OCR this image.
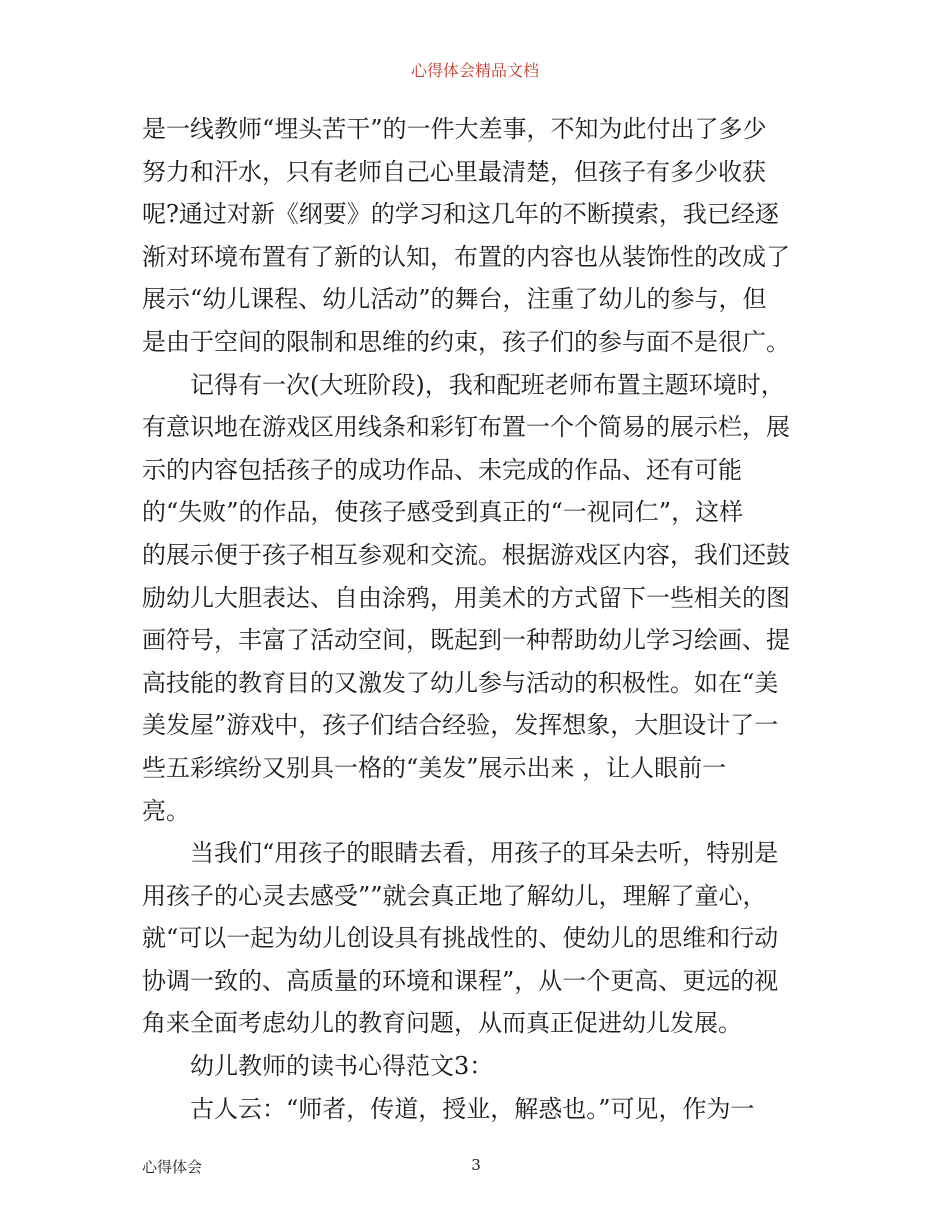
心得体会精品文档
是一线教师“埋头苦干”的一件大差事，不知为此付出了多少
努力和汗水，只有老师自己心里最清楚，但孩子有多少收获
呢?通过对新《纲要》的学习和这几年的不断摸索，我已经逐
渐对环境布置有了新的认知，布置的内容也从装饰性的改成了
展示“幼儿课程、幼儿活动”的舞台，注重了幼儿的参与，但
是由于空间的限制和思维的约束，孩子们的参与面不是很广。
记得有一次(大班阶段)，我和配班老师布置主题环境时，
有意识地在游戏区用线条和彩钉布置一个个简易的展示栏，展
示的内容包括孩子的成功作品、未完成的作品、还有可能
的“失败”的作品，使孩子感受到真正的“一视同仁”，这样
的展示便于孩子相互参观和交流。根据游戏区内容，我们还鼓
励幼儿大胆表达、自由涂鸦，用美术的方式留下一些相关的图
画符号，丰富了活动空间，既起到一种帮助幼儿学习绘画、提
高技能的教育目的又激发了幼儿参与活动的积极性。如在“美
美发屋”游戏中，孩子们结合经验，发挥想象，大胆设计了一
些五彩缤纷又别具一格的“美发”展示出来 ，让人眼前一
亮。
当我们“用孩子的眼睛去看，用孩子的耳朵去听，特别是
用孩子的心灵去感受””就会真正地了解幼儿，理解了童心，
就“可以一起为幼儿创设具有挑战性的、使幼儿的思维和行动
协调一致的、高质量的环境和课程”，从一个更高、更远的视
角来全面考虑幼儿的教育问题，从而真正促进幼儿发展。
幼儿教师的读书心得范文3：
古人云：“师者，传道，授业，解惑也。”可见，作为一
心得体会	3
